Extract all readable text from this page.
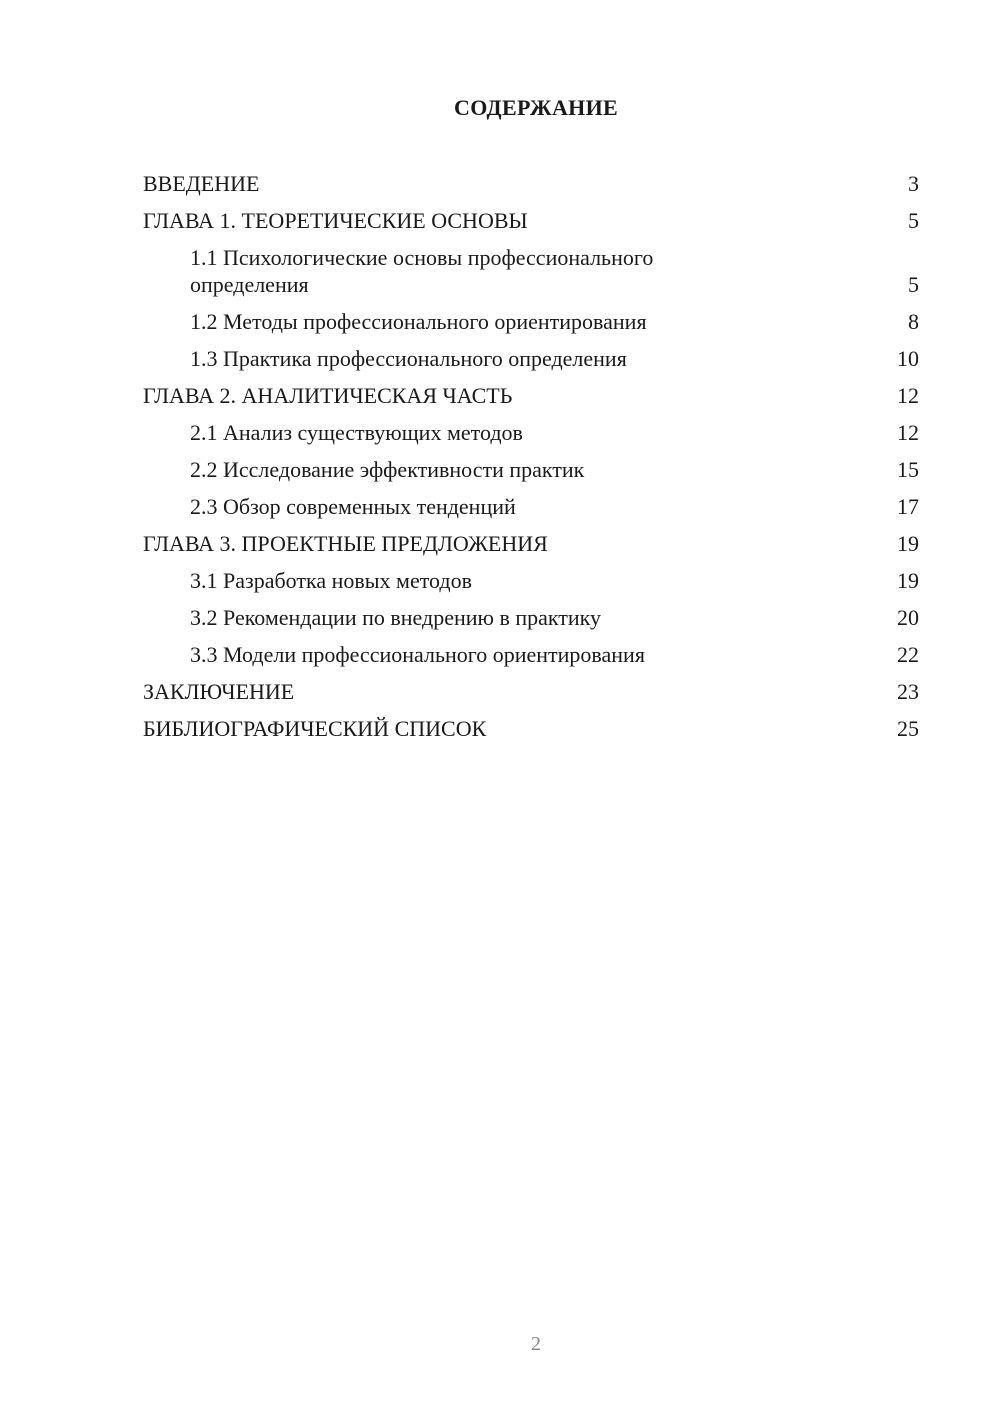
СОДЕРЖАНИЕ
ВВЕДЕНИЕ	3
ГЛАВА 1. ТЕОРЕТИЧЕСКИЕ ОСНОВЫ	5
1.1 Психологические основы профессионального определения	5
1.2 Методы профессионального ориентирования	8
1.3 Практика профессионального определения	10
ГЛАВА 2. АНАЛИТИЧЕСКАЯ ЧАСТЬ	12
2.1 Анализ существующих методов	12
2.2 Исследование эффективности практик	15
2.3 Обзор современных тенденций	17
ГЛАВА 3. ПРОЕКТНЫЕ ПРЕДЛОЖЕНИЯ	19
3.1 Разработка новых методов	19
3.2 Рекомендации по внедрению в практику	20
3.3 Модели профессионального ориентирования	22
ЗАКЛЮЧЕНИЕ	23
БИБЛИОГРАФИЧЕСКИЙ СПИСОК	25
2
